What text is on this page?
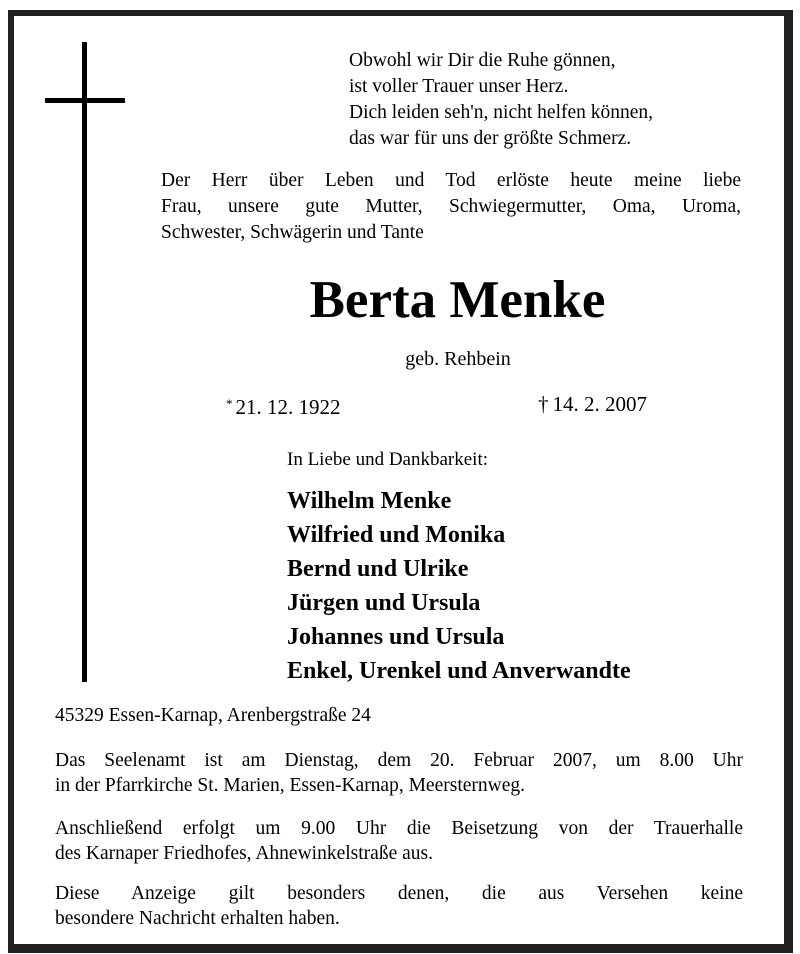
Obwohl wir Dir die Ruhe gönnen,
ist voller Trauer unser Herz.
Dich leiden seh'n, nicht helfen können,
das war für uns der größte Schmerz.
Der Herr über Leben und Tod erlöste heute meine liebe
Frau, unsere gute Mutter, Schwiegermutter, Oma, Uroma,
Schwester, Schwägerin und Tante
Berta Menke
geb. Rehbein
* 21. 12. 1922	† 14. 2. 2007
In Liebe und Dankbarkeit:
Wilhelm Menke
Wilfried und Monika
Bernd und Ulrike
Jürgen und Ursula
Johannes und Ursula
Enkel, Urenkel und Anverwandte
45329 Essen-Karnap, Arenbergstraße 24
Das Seelenamt ist am Dienstag, dem 20. Februar 2007, um 8.00 Uhr
in der Pfarrkirche St. Marien, Essen-Karnap, Meersternweg.
Anschließend erfolgt um 9.00 Uhr die Beisetzung von der Trauerhalle
des Karnaper Friedhofes, Ahnewinkelstraße aus.
Diese Anzeige gilt besonders denen, die aus Versehen keine
besondere Nachricht erhalten haben.
